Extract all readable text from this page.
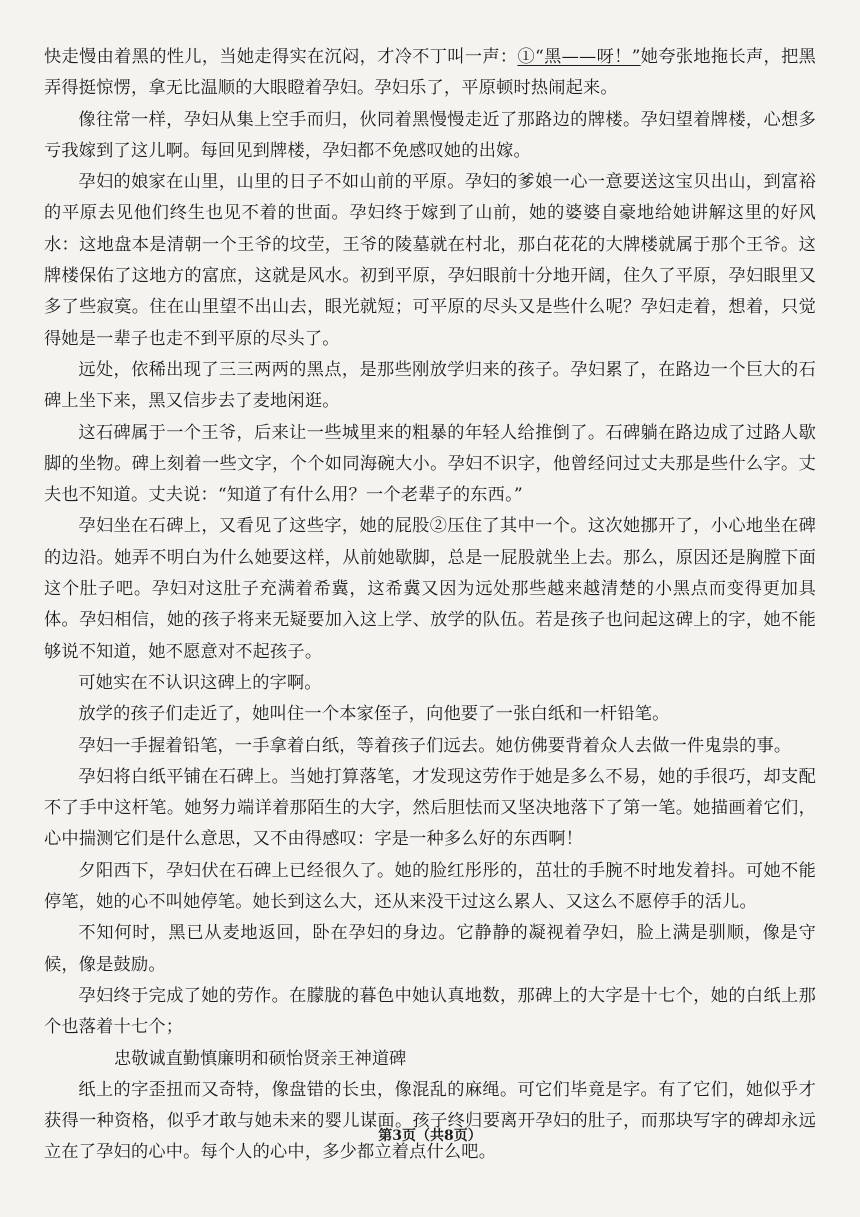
快走慢由着黑的性儿，当她走得实在沉闷，才冷不丁叫一声：①“黑——呀！”她夸张地拖长声，把黑弄得挺惊愣，拿无比温顺的大眼瞪着孕妇。孕妇乐了，平原顿时热闹起来。

像往常一样，孕妇从集上空手而归，伙同着黑慢慢走近了那路边的牌楼。孕妇望着牌楼，心想多亏我嫁到了这儿啊。每回见到牌楼，孕妇都不免感叹她的出嫁。

孕妇的娘家在山里，山里的日子不如山前的平原。孕妇的爹娘一心一意要送这宝贝出山，到富裕的平原去见他们终生也见不着的世面。孕妇终于嫁到了山前，她的婆婆自豪地给她讲解这里的好风水：这地盘本是清朝一个王爷的坟茔，王爷的陵墓就在村北，那白花花的大牌楼就属于那个王爷。这牌楼保佑了这地方的富庶，这就是风水。初到平原，孕妇眼前十分地开阔，住久了平原，孕妇眼里又多了些寂寞。住在山里望不出山去，眼光就短；可平原的尽头又是些什么呢？孕妇走着，想着，只觉得她是一辈子也走不到平原的尽头了。

远处，依稀出现了三三两两的黑点，是那些刚放学归来的孩子。孕妇累了，在路边一个巨大的石碑上坐下来，黑又信步去了麦地闲逛。

这石碑属于一个王爷，后来让一些城里来的粗暴的年轻人给推倒了。石碑躺在路边成了过路人歇脚的坐物。碑上刻着一些文字，个个如同海碗大小。孕妇不识字，他曾经问过丈夫那是些什么字。丈夫也不知道。丈夫说：“知道了有什么用？一个老辈子的东西。”

孕妇坐在石碑上，又看见了这些字，她的屁股②压住了其中一个。这次她挪开了，小心地坐在碑的边沿。她弄不明白为什么她要这样，从前她歇脚，总是一屁股就坐上去。那么，原因还是胸膛下面这个肚子吧。孕妇对这肚子充满着希冀，这希冀又因为远处那些越来越清楚的小黑点而变得更加具体。孕妇相信，她的孩子将来无疑要加入这上学、放学的队伍。若是孩子也问起这碑上的字，她不能够说不知道，她不愿意对不起孩子。

可她实在不认识这碑上的字啊。

放学的孩子们走近了，她叫住一个本家侄子，向他要了一张白纸和一杆铅笔。

孕妇一手握着铅笔，一手拿着白纸，等着孩子们远去。她仿佛要背着众人去做一件鬼祟的事。

孕妇将白纸平铺在石碑上。当她打算落笔，才发现这劳作于她是多么不易，她的手很巧，却支配不了手中这杆笔。她努力端详着那陌生的大字，然后胆怯而又坚决地落下了第一笔。她描画着它们，心中揣测它们是什么意思，又不由得感叹：字是一种多么好的东西啊！

夕阳西下，孕妇伏在石碑上已经很久了。她的脸红彤彤的，茁壮的手腕不时地发着抖。可她不能停笔，她的心不叫她停笔。她长到这么大，还从来没干过这么累人、又这么不愿停手的活儿。

不知何时，黑已从麦地返回，卧在孕妇的身边。它静静的凝视着孕妇，脸上满是驯顺，像是守候，像是鼓励。

孕妇终于完成了她的劳作。在朦胧的暮色中她认真地数，那碑上的大字是十七个，她的白纸上那个也落着十七个；

忠敬诚直勤慎廉明和硕怡贤亲王神道碑

纸上的字歪扭而又奇特，像盘错的长虫，像混乱的麻绳。可它们毕竟是字。有了它们，她似乎才获得一种资格，似乎才敢与她未来的婴儿谋面。孩子终归要离开孕妇的肚子，而那块写字的碑却永远立在了孕妇的心中。每个人的心中，多少都立着点什么吧。

第3页（共8页）
